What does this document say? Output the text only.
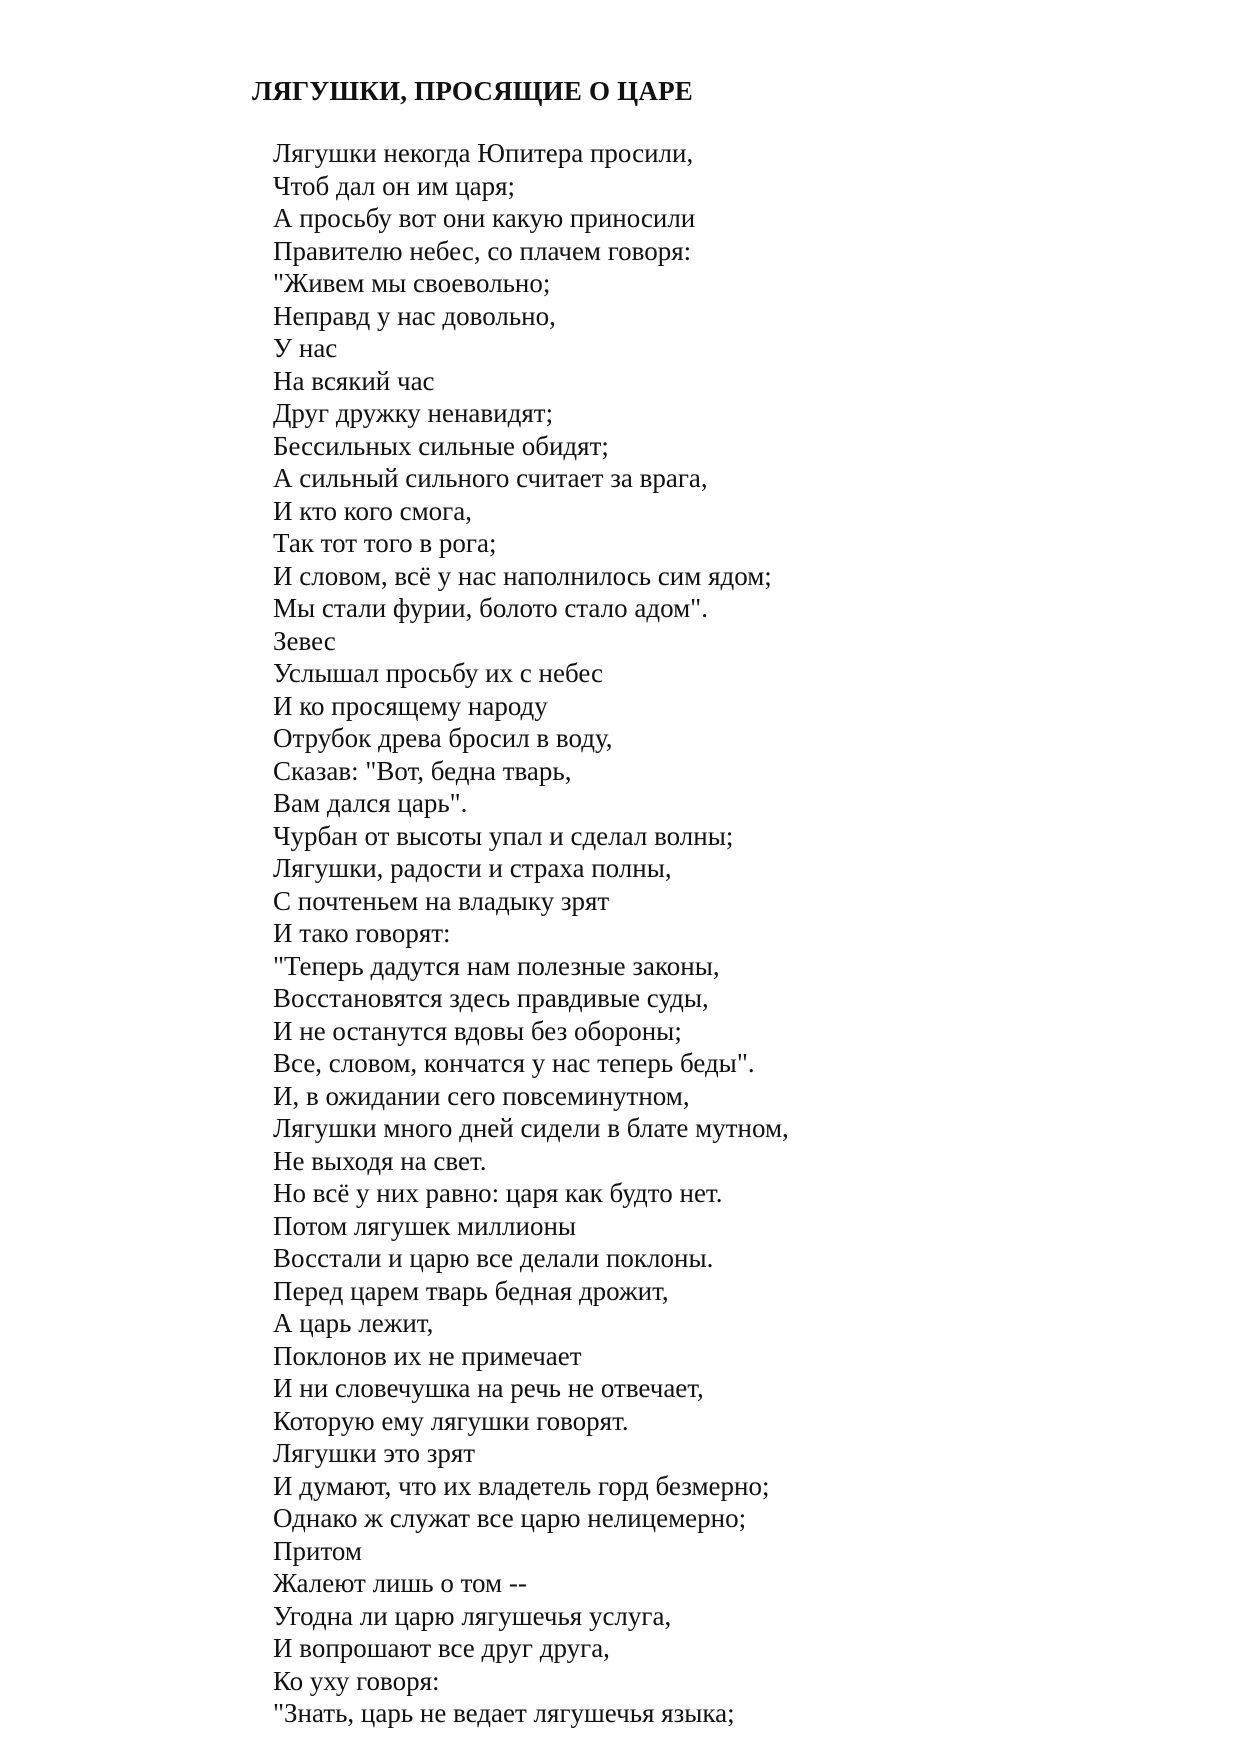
ЛЯГУШКИ, ПРОСЯЩИЕ О ЦАРЕ
Лягушки некогда Юпитера просили,
Чтоб дал он им царя;
А просьбу вот они какую приносили
Правителю небес, со плачем говоря:
"Живем мы своевольно;
Неправд у нас довольно,
У нас
На всякий час
Друг дружку ненавидят;
Бессильных сильные обидят;
А сильный сильного считает за врага,
И кто кого смога,
Так тот того в рога;
И словом, всё у нас наполнилось сим ядом;
Мы стали фурии, болото стало адом".
Зевес
Услышал просьбу их с небес
И ко просящему народу
Отрубок древа бросил в воду,
Сказав: "Вот, бедна тварь,
Вам дался царь".
Чурбан от высоты упал и сделал волны;
Лягушки, радости и страха полны,
С почтеньем на владыку зрят
И тако говорят:
"Теперь дадутся нам полезные законы,
Восстановятся здесь правдивые суды,
И не останутся вдовы без обороны;
Все, словом, кончатся у нас теперь беды".
И, в ожидании сего повсеминутном,
Лягушки много дней сидели в блате мутном,
Не выходя на свет.
Но всё у них равно: царя как будто нет.
Потом лягушек миллионы
Восстали и царю все делали поклоны.
Перед царем тварь бедная дрожит,
А царь лежит,
Поклонов их не примечает
И ни словечушка на речь не отвечает,
Которую ему лягушки говорят.
Лягушки это зрят
И думают, что их владетель горд безмерно;
Однако ж служат все царю нелицемерно;
Притом
Жалеют лишь о том --
Угодна ли царю лягушечья услуга,
И вопрошают все друг друга,
Ко уху говоря:
"Знать, царь не ведает лягушечья языка;
